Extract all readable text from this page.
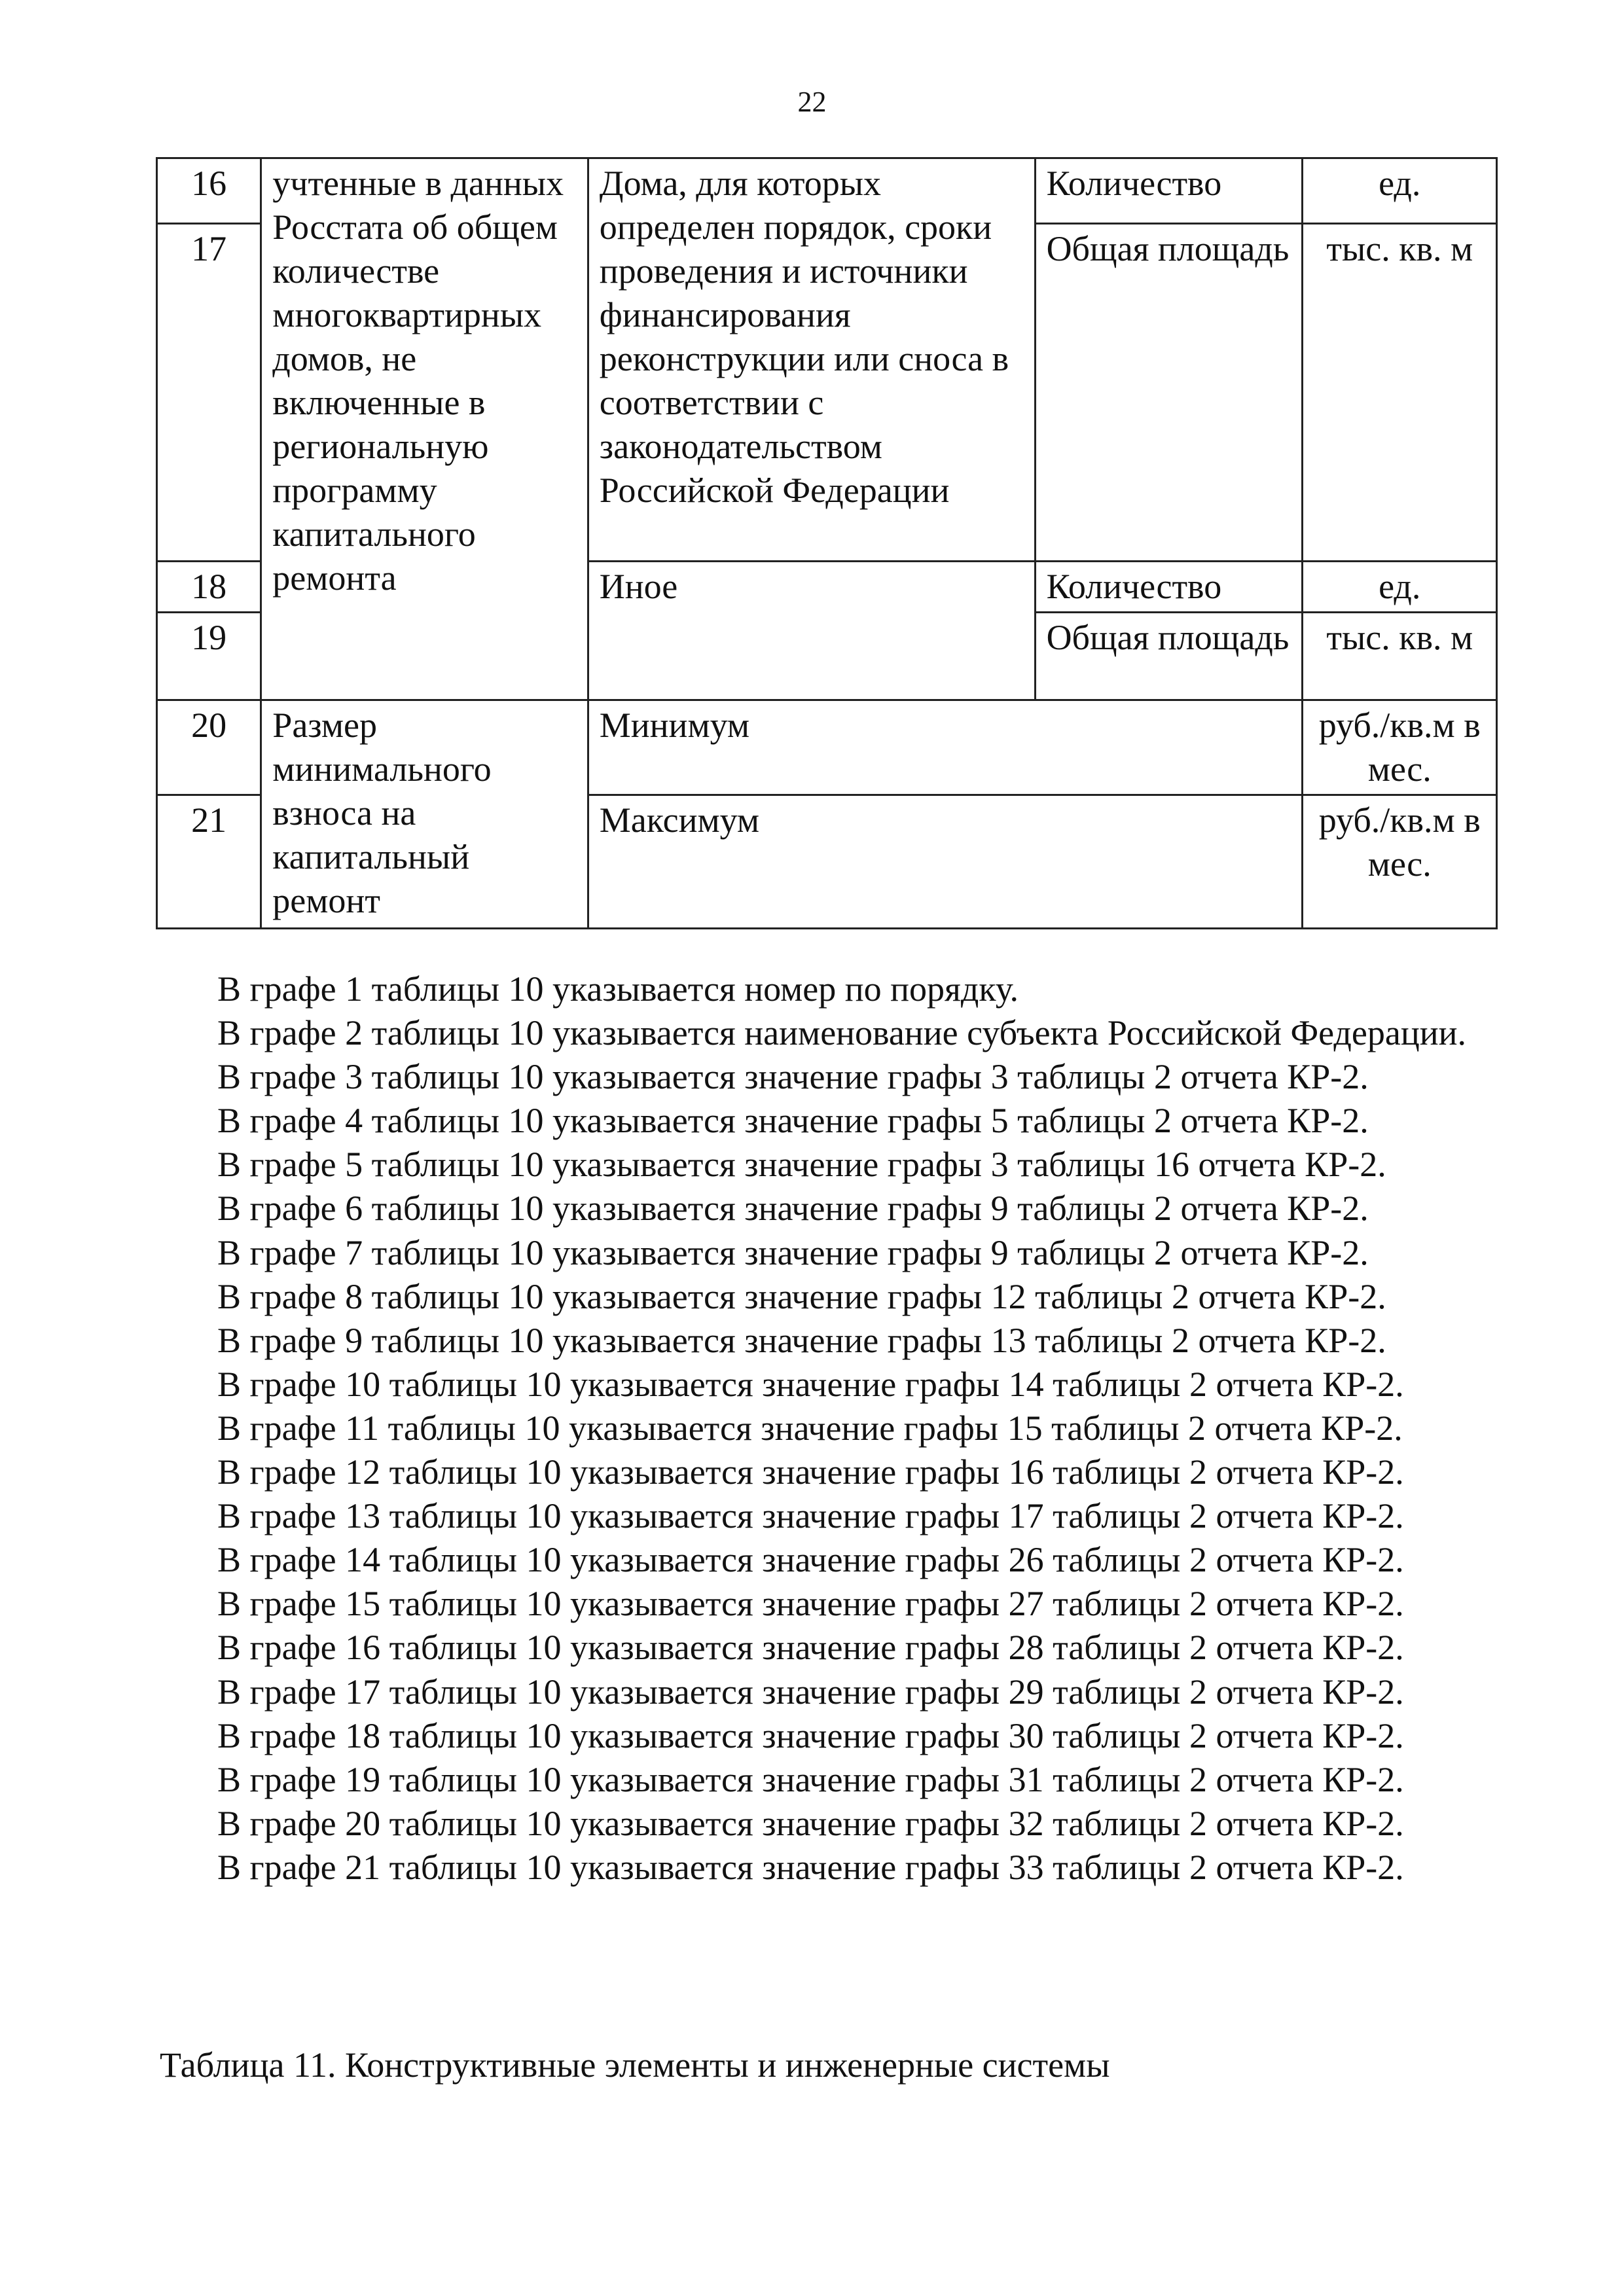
22
16	учтенные в данных Росстата об общем количестве многоквартирных домов, не включенные в региональную программу капитального ремонта	Дома, для которых определен порядок, сроки проведения и источники финансирования реконструкции или сноса в соответствии с законодательством Российской Федерации	Количество	ед.
17			Общая площадь	тыс. кв. м
18		Иное	Количество	ед.
19			Общая площадь	тыс. кв. м
20	Размер минимального взноса на капитальный ремонт	Минимум		руб./кв.м в мес.
21		Максимум		руб./кв.м в мес.

В графе 1 таблицы 10 указывается номер по порядку.

В графе 2 таблицы 10 указывается наименование субъекта Российской Федерации.

В графе 3 таблицы 10 указывается значение графы 3 таблицы 2 отчета КР-2.

В графе 4 таблицы 10 указывается значение графы 5 таблицы 2 отчета КР-2.

В графе 5 таблицы 10 указывается значение графы 3 таблицы 16 отчета КР-2.

В графе 6 таблицы 10 указывается значение графы 9 таблицы 2 отчета КР-2.

В графе 7 таблицы 10 указывается значение графы 9 таблицы 2 отчета КР-2.

В графе 8 таблицы 10 указывается значение графы 12 таблицы 2 отчета КР-2.

В графе 9 таблицы 10 указывается значение графы 13 таблицы 2 отчета КР-2.

В графе 10 таблицы 10 указывается значение графы 14 таблицы 2 отчета КР-2.

В графе 11 таблицы 10 указывается значение графы 15 таблицы 2 отчета КР-2.

В графе 12 таблицы 10 указывается значение графы 16 таблицы 2 отчета КР-2.

В графе 13 таблицы 10 указывается значение графы 17 таблицы 2 отчета КР-2.

В графе 14 таблицы 10 указывается значение графы 26 таблицы 2 отчета КР-2.

В графе 15 таблицы 10 указывается значение графы 27 таблицы 2 отчета КР-2.

В графе 16 таблицы 10 указывается значение графы 28 таблицы 2 отчета КР-2.

В графе 17 таблицы 10 указывается значение графы 29 таблицы 2 отчета КР-2.

В графе 18 таблицы 10 указывается значение графы 30 таблицы 2 отчета КР-2.

В графе 19 таблицы 10 указывается значение графы 31 таблицы 2 отчета КР-2.

В графе 20 таблицы 10 указывается значение графы 32 таблицы 2 отчета КР-2.

В графе 21 таблицы 10 указывается значение графы 33 таблицы 2 отчета КР-2.

Таблица 11. Конструктивные элементы и инженерные системы
